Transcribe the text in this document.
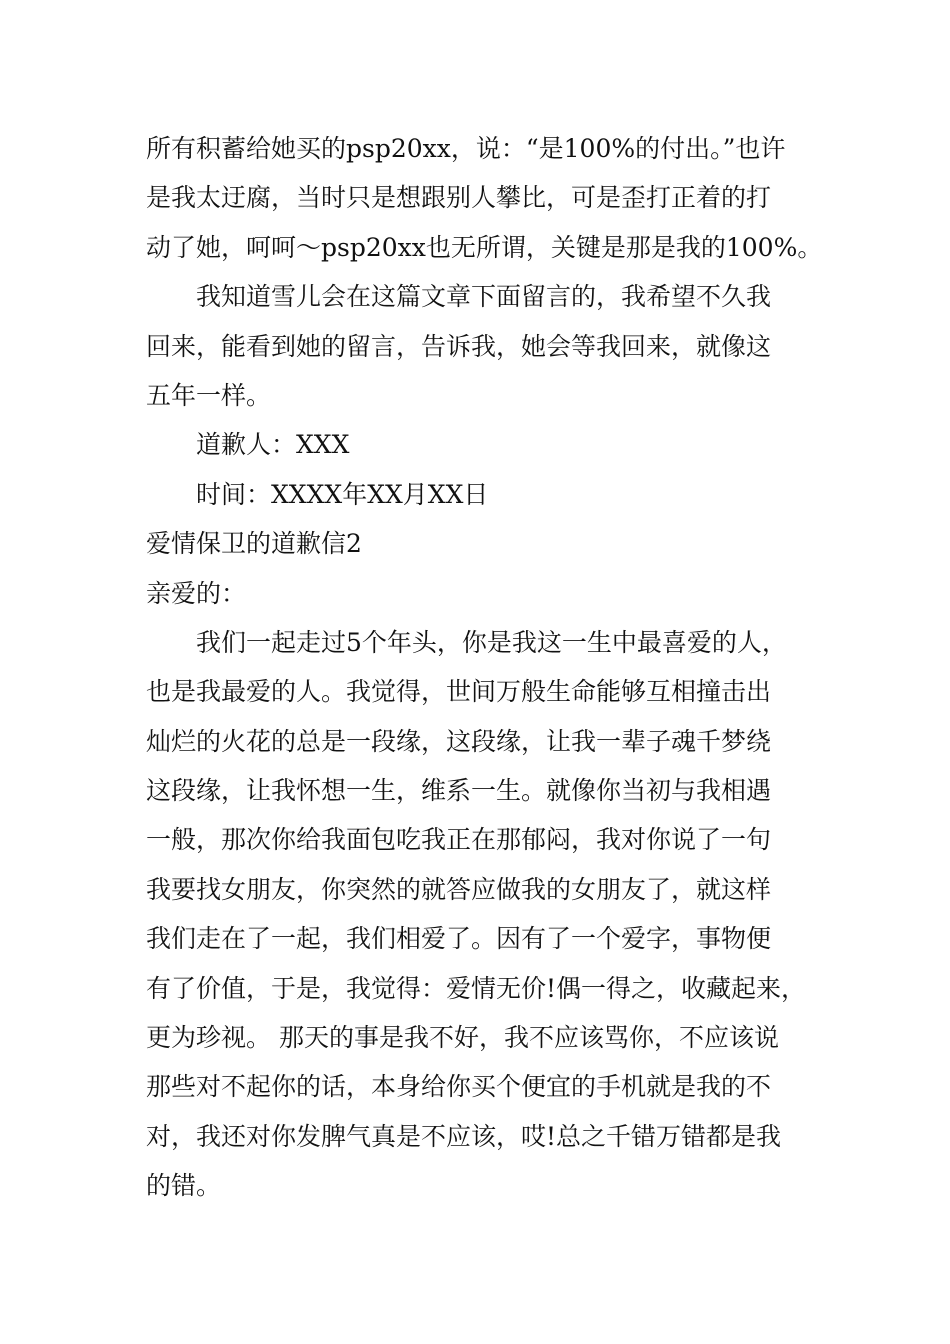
所有积蓄给她买的psp20xx，说：“是100%的付出。”也许
是我太迂腐，当时只是想跟别人攀比，可是歪打正着的打
动了她，呵呵～psp20xx也无所谓，关键是那是我的100%。
我知道雪儿会在这篇文章下面留言的，我希望不久我
回来，能看到她的留言，告诉我，她会等我回来，就像这
五年一样。
道歉人：XXX
时间：XXXX年XX月XX日
爱情保卫的道歉信2
亲爱的：
我们一起走过5个年头，你是我这一生中最喜爱的人，
也是我最爱的人。我觉得，世间万般生命能够互相撞击出
灿烂的火花的总是一段缘，这段缘，让我一辈子魂千梦绕
这段缘，让我怀想一生，维系一生。就像你当初与我相遇
一般，那次你给我面包吃我正在那郁闷，我对你说了一句
我要找女朋友，你突然的就答应做我的女朋友了，就这样
我们走在了一起，我们相爱了。因有了一个爱字，事物便
有了价值，于是，我觉得：爱情无价!偶一得之，收藏起来，
更为珍视。 那天的事是我不好，我不应该骂你，不应该说
那些对不起你的话，本身给你买个便宜的手机就是我的不
对，我还对你发脾气真是不应该，哎!总之千错万错都是我
的错。
